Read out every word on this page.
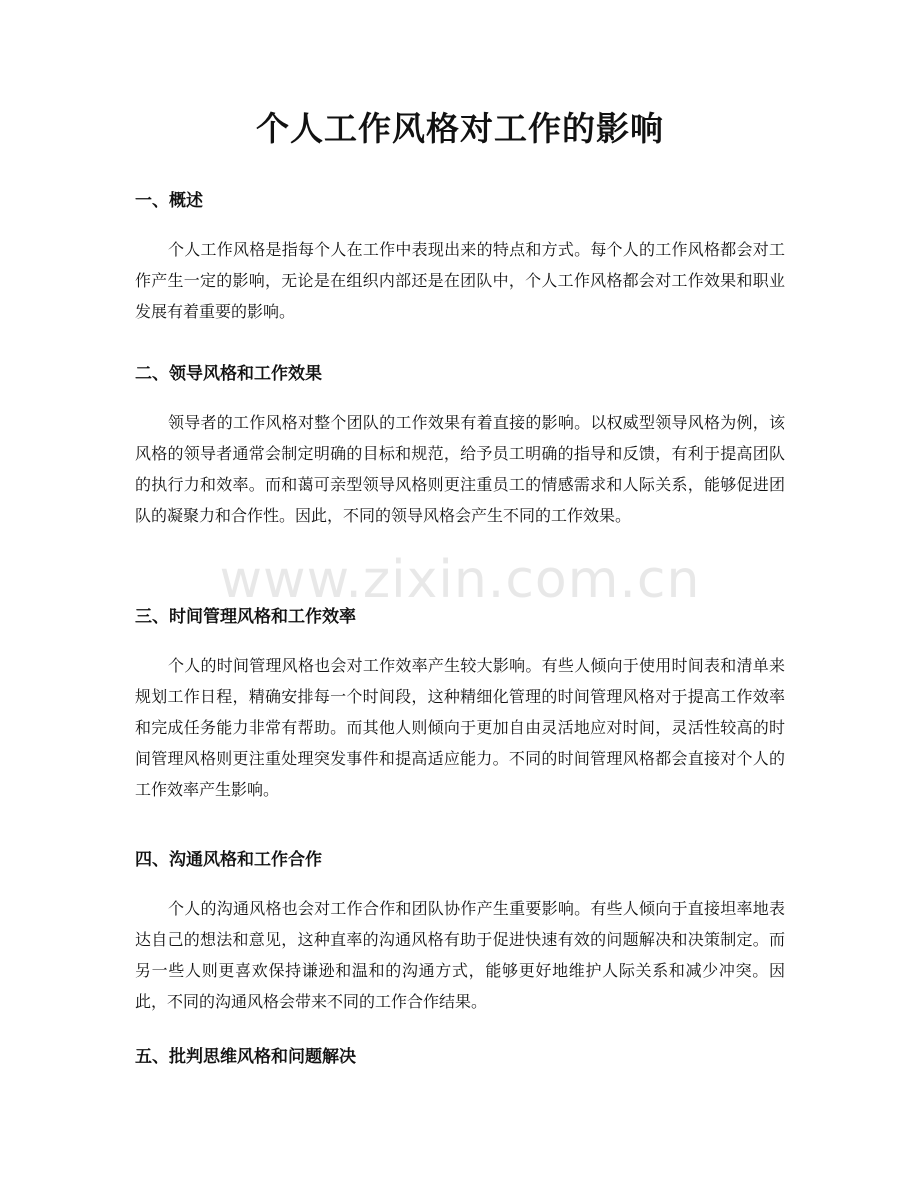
个人工作风格对工作的影响
一、概述

个人工作风格是指每个人在工作中表现出来的特点和方式。每个人的工作风格都会对工作产生一定的影响，无论是在组织内部还是在团队中，个人工作风格都会对工作效果和职业发展有着重要的影响。

二、领导风格和工作效果

领导者的工作风格对整个团队的工作效果有着直接的影响。以权威型领导风格为例，该风格的领导者通常会制定明确的目标和规范，给予员工明确的指导和反馈，有利于提高团队的执行力和效率。而和蔼可亲型领导风格则更注重员工的情感需求和人际关系，能够促进团队的凝聚力和合作性。因此，不同的领导风格会产生不同的工作效果。

三、时间管理风格和工作效率

个人的时间管理风格也会对工作效率产生较大影响。有些人倾向于使用时间表和清单来规划工作日程，精确安排每一个时间段，这种精细化管理的时间管理风格对于提高工作效率和完成任务能力非常有帮助。而其他人则倾向于更加自由灵活地应对时间，灵活性较高的时间管理风格则更注重处理突发事件和提高适应能力。不同的时间管理风格都会直接对个人的工作效率产生影响。

四、沟通风格和工作合作

个人的沟通风格也会对工作合作和团队协作产生重要影响。有些人倾向于直接坦率地表达自己的想法和意见，这种直率的沟通风格有助于促进快速有效的问题解决和决策制定。而另一些人则更喜欢保持谦逊和温和的沟通方式，能够更好地维护人际关系和减少冲突。因此，不同的沟通风格会带来不同的工作合作结果。

五、批判思维风格和问题解决
www.zixin.com.cn
